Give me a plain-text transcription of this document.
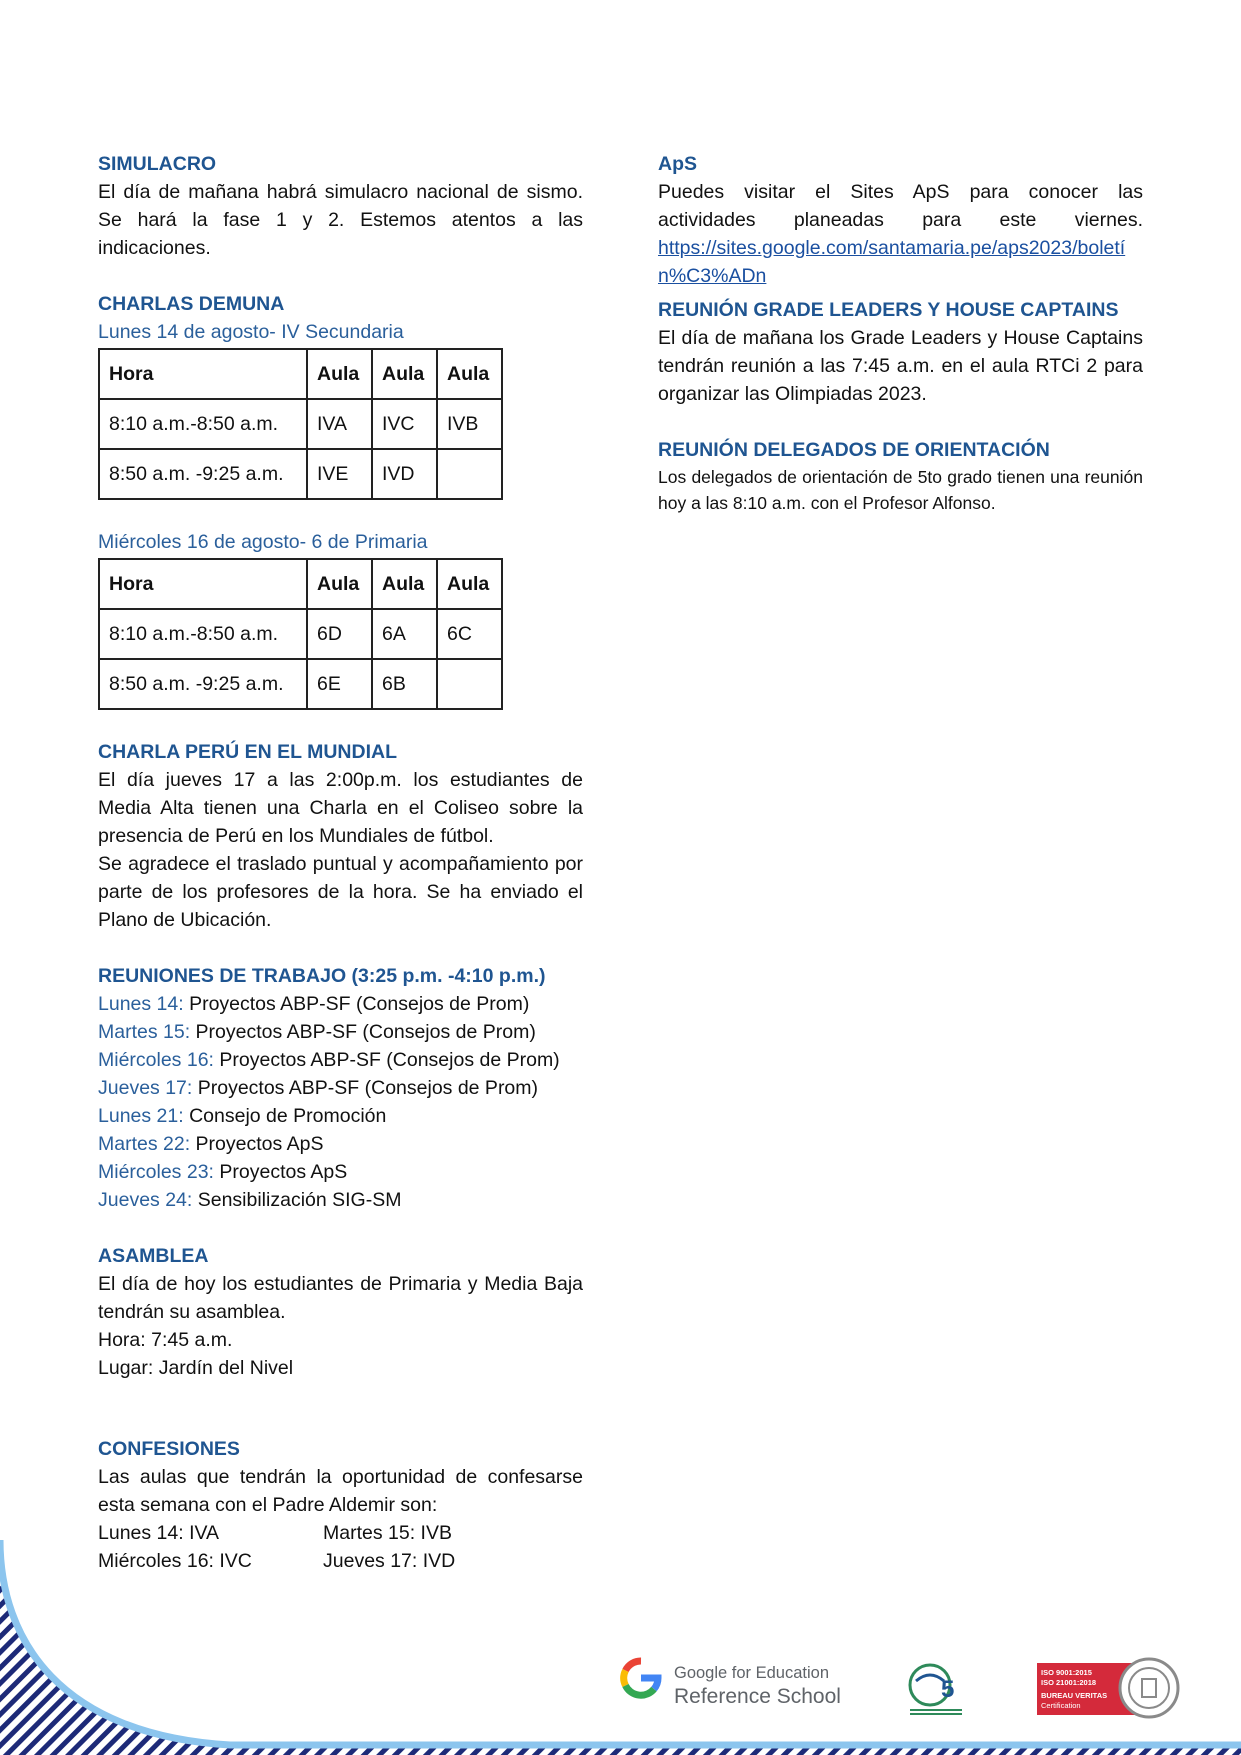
SIMULACRO
El día de mañana habrá simulacro nacional de sismo. Se hará la fase 1 y 2. Estemos atentos a las indicaciones.
CHARLAS DEMUNA
Lunes 14 de agosto- IV Secundaria
Hora	Aula	Aula	Aula
8:10 a.m.-8:50 a.m.	IVA	IVC	IVB
8:50 a.m. -9:25 a.m.	IVE	IVD	
Miércoles 16 de agosto- 6 de Primaria
Hora	Aula	Aula	Aula
8:10 a.m.-8:50 a.m.	6D	6A	6C
8:50 a.m. -9:25 a.m.	6E	6B	
CHARLA PERÚ EN EL MUNDIAL
El día jueves 17 a las 2:00p.m. los estudiantes de Media Alta tienen una Charla en el Coliseo sobre la presencia de Perú en los Mundiales de fútbol.
Se agradece el traslado puntual y acompañamiento por parte de los profesores de la hora. Se ha enviado el Plano de Ubicación.
REUNIONES DE TRABAJO (3:25 p.m. -4:10 p.m.)
Lunes 14: Proyectos ABP-SF (Consejos de Prom)
Martes 15: Proyectos ABP-SF (Consejos de Prom)
Miércoles 16: Proyectos ABP-SF (Consejos de Prom)
Jueves 17: Proyectos ABP-SF (Consejos de Prom)
Lunes 21: Consejo de Promoción
Martes 22: Proyectos ApS
Miércoles 23: Proyectos ApS
Jueves 24: Sensibilización SIG-SM
ASAMBLEA
El día de hoy los estudiantes de Primaria y Media Baja tendrán su asamblea.
Hora: 7:45 a.m.
Lugar: Jardín del Nivel
CONFESIONES
Las aulas que tendrán la oportunidad de confesarse esta semana con el Padre Aldemir son:
Lunes 14: IVA	Martes 15: IVB
Miércoles 16: IVC	Jueves 17: IVD
ApS
Puedes visitar el Sites ApS para conocer las
actividades planeadas para este viernes.
https://sites.google.com/santamaria.pe/aps2023/boletín%C3%ADn
REUNIÓN GRADE LEADERS Y HOUSE CAPTAINS
El día de mañana los Grade Leaders y House Captains tendrán reunión a las 7:45 a.m. en el aula RTCi 2 para organizar las Olimpiadas 2023.
REUNIÓN DELEGADOS DE ORIENTACIÓN
Los delegados de orientación de 5to grado tienen una reunión hoy a las 8:10 a.m. con el Profesor Alfonso.
Google for Education
Reference School	5
ISO 9001:2015
ISO 21001:2018
BUREAU VERITAS
Certification
